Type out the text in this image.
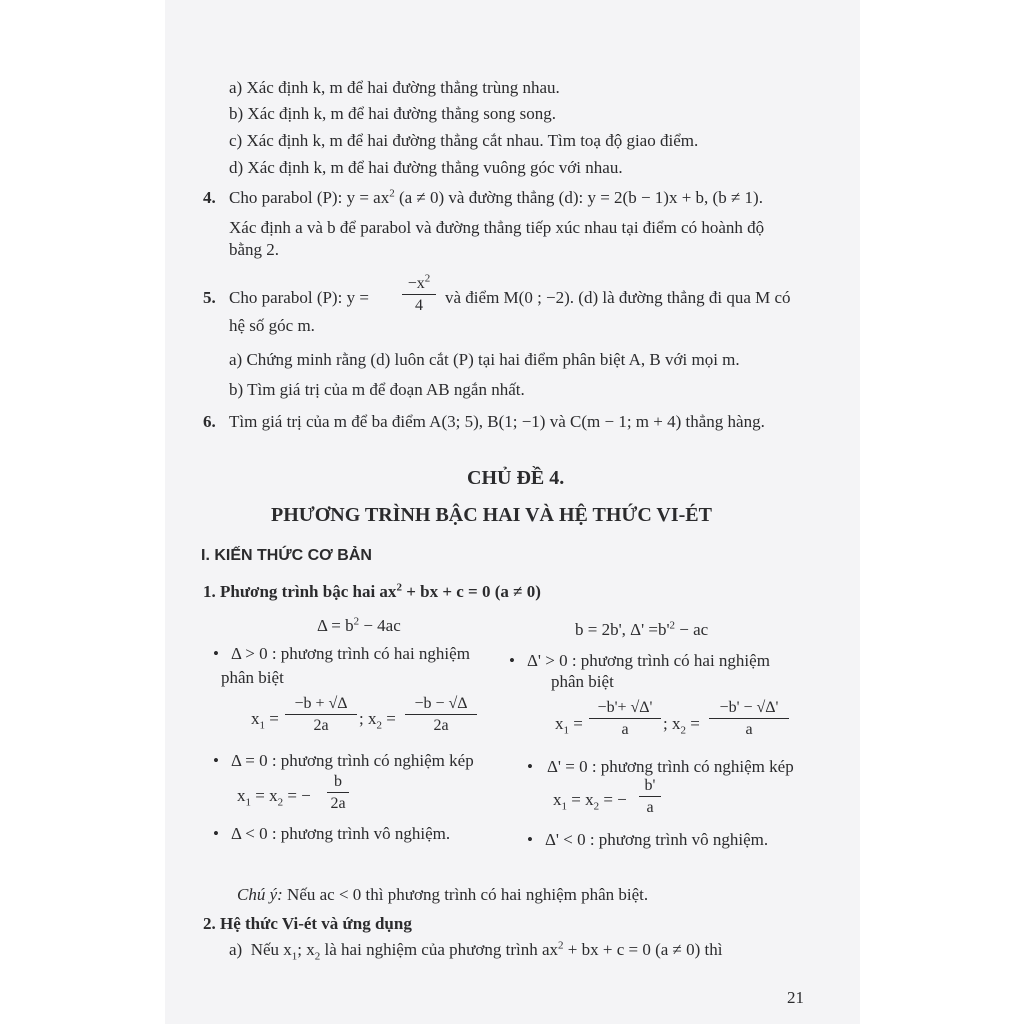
a) Xác định k, m để hai đường thẳng trùng nhau.
b) Xác định k, m để hai đường thẳng song song.
c) Xác định k, m để hai đường thẳng cắt nhau. Tìm toạ độ giao điểm.
d) Xác định k, m để hai đường thẳng vuông góc với nhau.
4. Cho parabol (P): $y = ax^2$ (a ≠ 0) và đường thẳng (d): y = 2(b − 1)x + b, (b ≠ 1).
Xác định a và b để parabol và đường thẳng tiếp xúc nhau tại điểm có hoành độ
bằng 2.
5. Cho parabol (P): y =
$-x^2$
4	và điểm M(0 ; −2). (d) là đường thẳng đi qua M có
hệ số góc m.
a) Chứng minh rằng (d) luôn cắt (P) tại hai điểm phân biệt A, B với mọi m.
b) Tìm giá trị của m để đoạn AB ngắn nhất.
6. Tìm giá trị của m để ba điểm A(3; 5), B(1; −1) và C(m − 1; m + 4) thẳng hàng.
CHỦ ĐỀ 4.
PHƯƠNG TRÌNH BẬC HAI VÀ HỆ THỨC VI-ÉT
I. KIẾN THỨC CƠ BẢN
1. Phương trình bậc hai $ax^2$ + bx + c = 0 (a ≠ 0)
$\Delta = b^2 - 4ac$	b = 2b', $\Delta' =b'^2$ − ac
• Δ > 0 : phương trình có hai nghiệm
phân biệt
• Δ' > 0 : phương trình có hai nghiệm
phân biệt
$x_1$ =
−b + √Δ
2a	; $x_2$ =
−b − √Δ
2a	$x_1$ =
−b'+ √Δ'
a	; $x_2$ =
−b' − √Δ'
a
• Δ = 0 : phương trình có nghiệm kép	• Δ' = 0 : phương trình có nghiệm kép
$x_1 = x_2$ = −
b
2a	$x_1 = x_2$ = −
b'
a
• Δ < 0 : phương trình vô nghiệm.	• Δ' < 0 : phương trình vô nghiệm.
Chú ý: Nếu ac < 0 thì phương trình có hai nghiệm phân biệt.
2. Hệ thức Vi-ét và ứng dụng
a) Nếu $x_1$; $x_2$ là hai nghiệm của phương trình $ax^2$ + bx + c = 0 (a ≠ 0) thì
21
